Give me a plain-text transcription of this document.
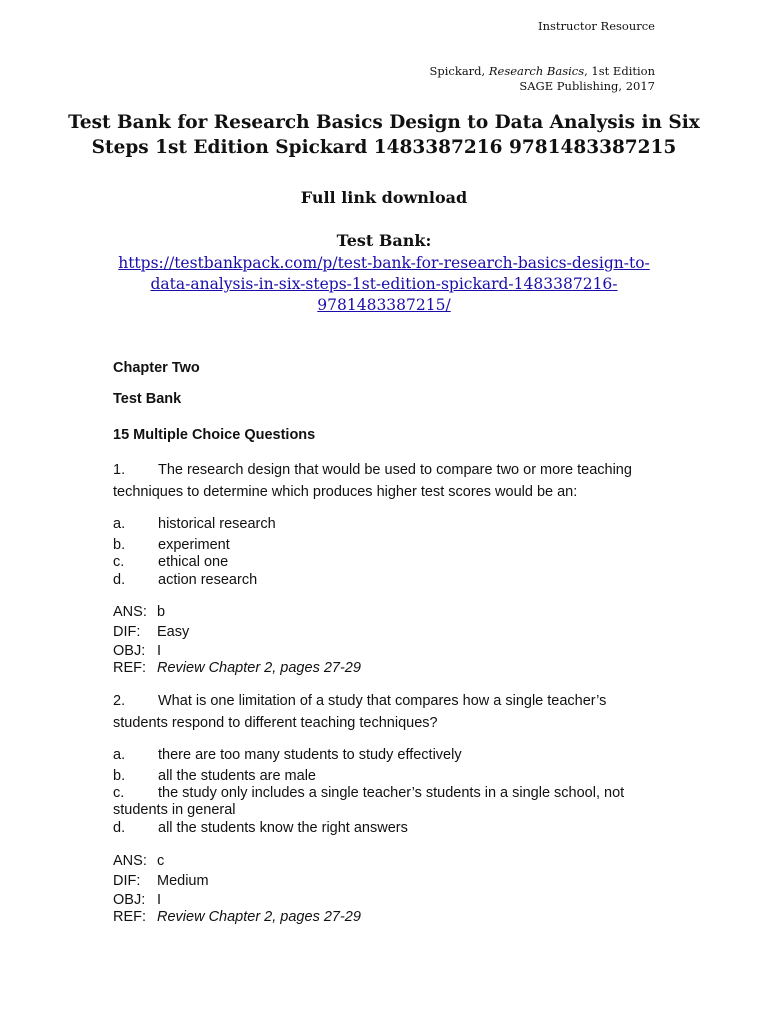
Instructor Resource
Spickard, Research Basics, 1st Edition
SAGE Publishing, 2017
Test Bank for Research Basics Design to Data Analysis in Six
Steps 1st Edition Spickard 1483387216 9781483387215
Full link download
Test Bank:
https://testbankpack.com/p/test-bank-for-research-basics-design-to-
data-analysis-in-six-steps-1st-edition-spickard-1483387216-
9781483387215/
Chapter Two
Test Bank
15 Multiple Choice Questions
1. The research design that would be used to compare two or more teaching
techniques to determine which produces higher test scores would be an:
a. historical research
b. experiment
c. ethical one
d. action research
ANS: b
DIF: Easy
OBJ: I
REF: Review Chapter 2, pages 27-29
2. What is one limitation of a study that compares how a single teacher’s
students respond to different teaching techniques?
a. there are too many students to study effectively
b. all the students are male
c. the study only includes a single teacher’s students in a single school, not
students in general
d. all the students know the right answers
ANS: c
DIF: Medium
OBJ: I
REF: Review Chapter 2, pages 27-29
